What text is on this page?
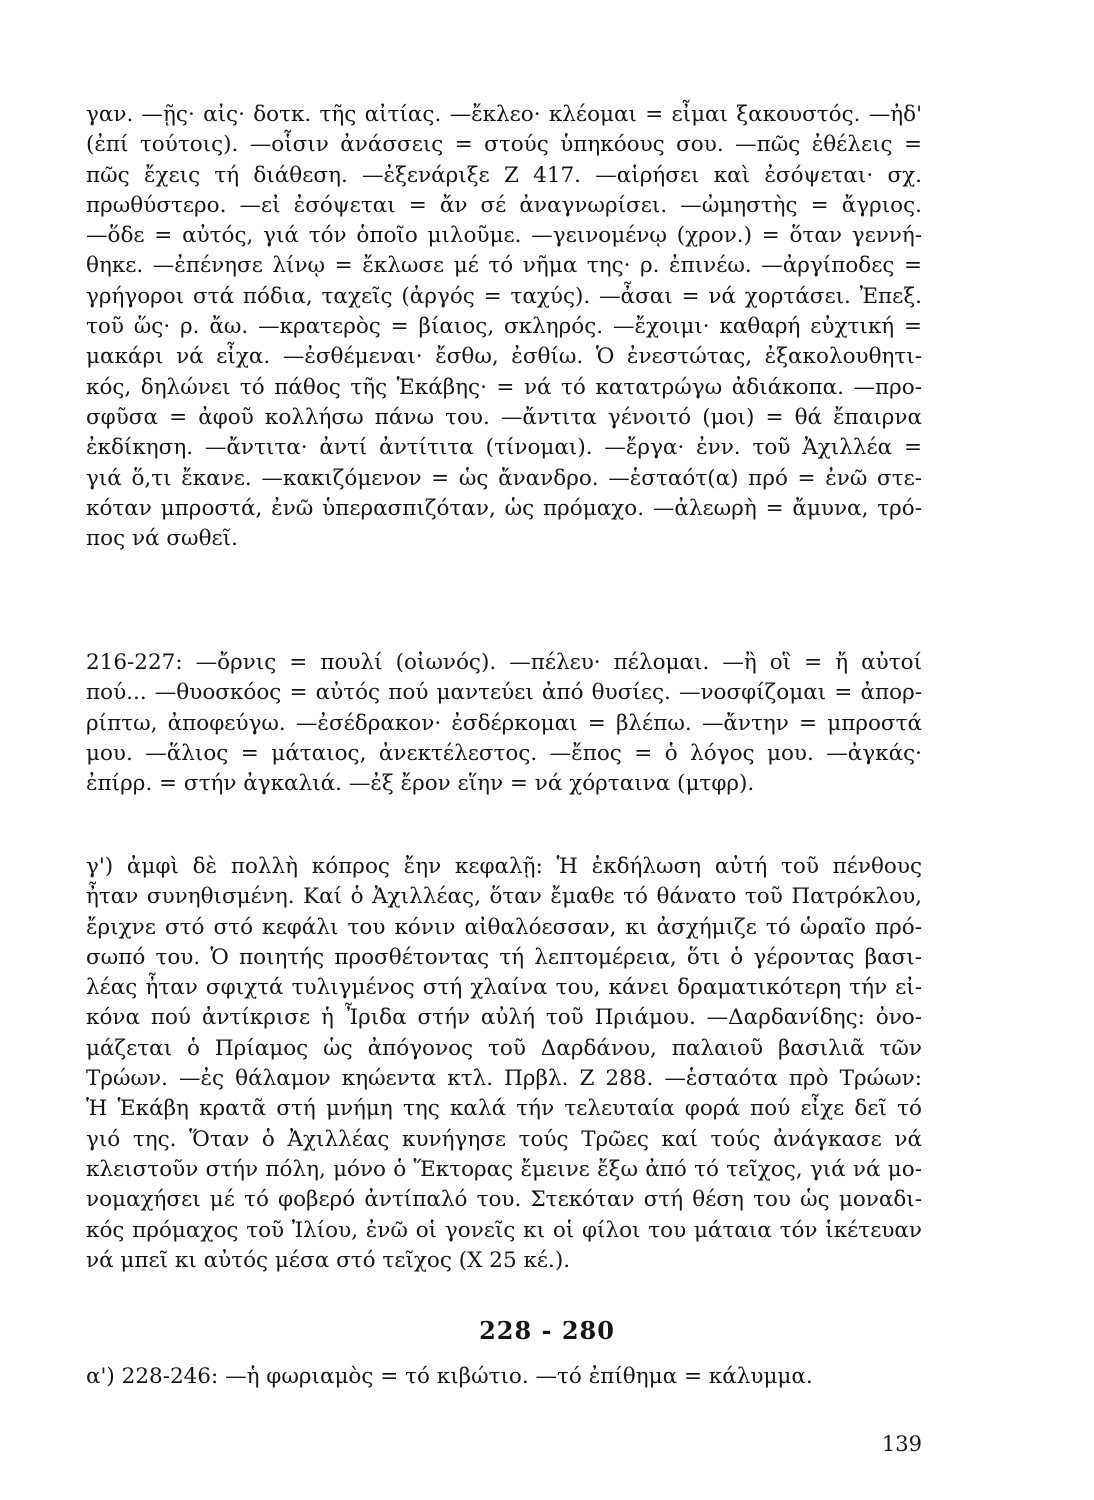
γαν. —ῇς· αἰς· δοτκ. τῆς αἰτίας. —ἔκλεο· κλέομαι = εἶμαι ξακουστός. —ἠδ'
(ἐπί τούτοις). —οἷσιν ἀνάσσεις = στούς ὑπηκόους σου. —πῶς ἐθέλεις =
πῶς ἔχεις τή διάθεση. —ἐξενάριξε Ζ 417. —αἱρήσει καὶ ἐσόψεται· σχ.
πρωθύστερο. —εἰ ἐσόψεται = ἄν σέ ἀναγνωρίσει. —ὠμηστὴς = ἄγριος.
—ὅδε = αὐτός, γιά τόν ὁποῖο μιλοῦμε. —γεινομένῳ (χρον.) = ὅταν γεννή-
θηκε. —ἐπένησε λίνῳ = ἔκλωσε μέ τό νῆμα της· ρ. ἐπινέω. —ἀργίποδες =
γρήγοροι στά πόδια, ταχεῖς (ἀργός = ταχύς). —ἆσαι = νά χορτάσει. Ἐπεξ.
τοῦ ὥς· ρ. ἄω. —κρατερὸς = βίαιος, σκληρός. —ἔχοιμι· καθαρή εὐχτική =
μακάρι νά εἶχα. —ἐσθέμεναι· ἔσθω, ἐσθίω. Ὁ ἐνεστώτας, ἐξακολουθητι-
κός, δηλώνει τό πάθος τῆς Ἑκάβης· = νά τό κατατρώγω ἀδιάκοπα. —προ-
σφῦσα = ἀφοῦ κολλήσω πάνω του. —ἄντιτα γένοιτό (μοι) = θά ἔπαιρνα
ἐκδίκηση. —ἄντιτα· ἀντί ἀντίτιτα (τίνομαι). —ἔργα· ἐνν. τοῦ Ἀχιλλέα =
γιά ὅ,τι ἔκανε. —κακιζόμενον = ὡς ἄνανδρο. —ἑσταότ(α) πρό = ἐνῶ στε-
κόταν μπροστά, ἐνῶ ὑπερασπιζόταν, ὡς πρόμαχο. —ἀλεωρὴ = ἄμυνα, τρό-
πος νά σωθεῖ.
216-227: —ὄρνις = πουλί (οἰωνός). —πέλευ· πέλομαι. —ἢ οἳ = ἤ αὐτοί
πού... —θυοσκόος = αὐτός πού μαντεύει ἀπό θυσίες. —νοσφίζομαι = ἀπορ-
ρίπτω, ἀποφεύγω. —ἐσέδρακον· ἐσδέρκομαι = βλέπω. —ἄντην = μπροστά
μου. —ἅλιος = μάταιος, ἀνεκτέλεστος. —ἔπος = ὁ λόγος μου. —ἀγκάς·
ἐπίρρ. = στήν ἀγκαλιά. —ἐξ ἔρον εἵην = νά χόρταινα (μτφρ).
γ') ἀμφὶ δὲ πολλὴ κόπρος ἔην κεφαλῇ: Ἡ ἐκδήλωση αὐτή τοῦ πένθους
ἦταν συνηθισμένη. Καί ὁ Ἀχιλλέας, ὅταν ἔμαθε τό θάνατο τοῦ Πατρόκλου,
ἔριχνε στό στό κεφάλι του κόνιν αἰθαλόεσσαν, κι ἀσχήμιζε τό ὡραῖο πρό-
σωπό του. Ὁ ποιητής προσθέτοντας τή λεπτομέρεια, ὅτι ὁ γέροντας βασι-
λέας ἦταν σφιχτά τυλιγμένος στή χλαίνα του, κάνει δραματικότερη τήν εἰ-
κόνα πού ἀντίκρισε ἡ Ἶριδα στήν αὐλή τοῦ Πριάμου. —Δαρδανίδης: ὀνο-
μάζεται ὁ Πρίαμος ὡς ἀπόγονος τοῦ Δαρδάνου, παλαιοῦ βασιλιᾶ τῶν
Τρώων. —ἐς θάλαμον κηώεντα κτλ. Πρβλ. Ζ 288. —ἑσταότα πρὸ Τρώων:
Ἡ Ἑκάβη κρατᾶ στή μνήμη της καλά τήν τελευταία φορά πού εἶχε δεῖ τό
γιό της. Ὅταν ὁ Ἀχιλλέας κυνήγησε τούς Τρῶες καί τούς ἀνάγκασε νά
κλειστοῦν στήν πόλη, μόνο ὁ Ἕκτορας ἔμεινε ἔξω ἀπό τό τεῖχος, γιά νά μο-
νομαχήσει μέ τό φοβερό ἀντίπαλό του. Στεκόταν στή θέση του ὡς μοναδι-
κός πρόμαχος τοῦ Ἰλίου, ἐνῶ οἱ γονεῖς κι οἱ φίλοι του μάταια τόν ἱκέτευαν
νά μπεῖ κι αὐτός μέσα στό τεῖχος (Χ 25 κέ.).
228 - 280
α') 228-246: —ἡ φωριαμὸς = τό κιβώτιο. —τό ἐπίθημα = κάλυμμα.
139
